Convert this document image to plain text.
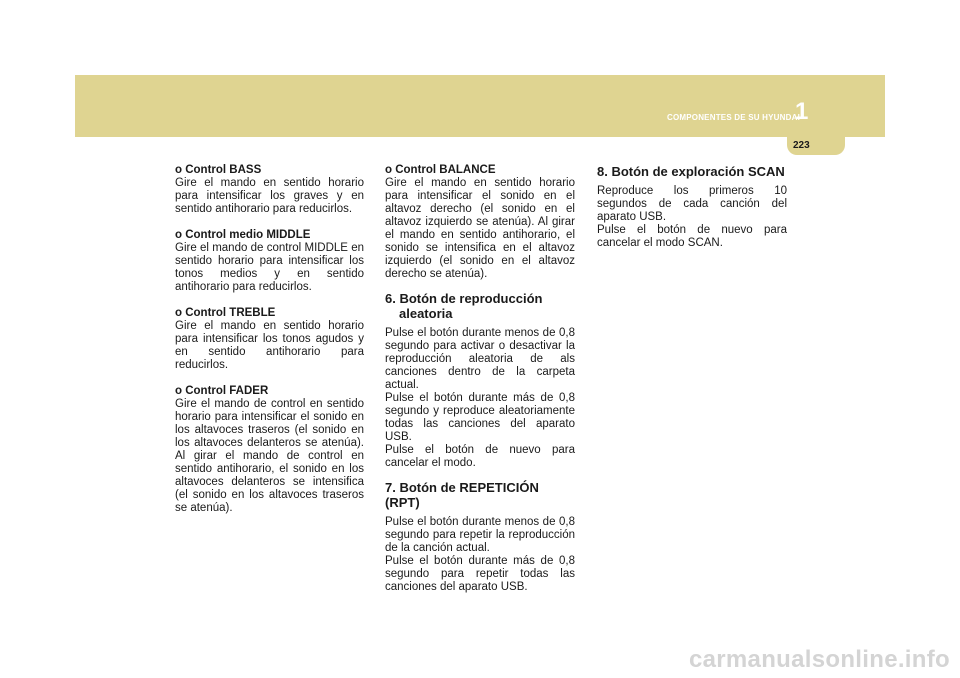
COMPONENTES DE SU HYUNDAI
1
223

o Control BASS

Gire el mando en sentido horario para intensificar los graves y en sentido antihorario para reducirlos.

o Control medio MIDDLE

Gire el mando de control MIDDLE en sentido horario para intensificar los tonos medios y en sentido antihorario para reducirlos.

o Control TREBLE

Gire el mando en sentido horario para intensificar los tonos agudos y en sentido antihorario para reducirlos.

o Control FADER

Gire el mando de control en sentido horario para intensificar el sonido en los altavoces traseros (el sonido en los altavoces delanteros se atenúa). Al girar el mando de control en sentido antihorario, el sonido en los altavoces delanteros se intensifica (el sonido en los altavoces traseros se atenúa).

o Control BALANCE

Gire el mando en sentido horario para intensificar el sonido en el altavoz derecho (el sonido en el altavoz izquierdo se atenúa). Al girar el mando en sentido antihorario, el sonido se intensifica en el altavoz izquierdo (el sonido en el altavoz derecho se atenúa).

6. Botón de reproducción
aleatoria

Pulse el botón durante menos de 0,8 segundo para activar o desactivar la reproducción aleatoria de als canciones dentro de la carpeta actual.

Pulse el botón durante más de 0,8 segundo y reproduce aleatoriamente todas las canciones del aparato USB.

Pulse el botón de nuevo para cancelar el modo.

7. Botón de REPETICIÓN (RPT)

Pulse el botón durante menos de 0,8 segundo para repetir la reproducción de la canción actual.

Pulse el botón durante más de 0,8 segundo para repetir todas las canciones del aparato USB.

8. Botón de exploración SCAN

Reproduce los primeros 10 segundos de cada canción del aparato USB.

Pulse el botón de nuevo para cancelar el modo SCAN.

carmanualsonline.info
